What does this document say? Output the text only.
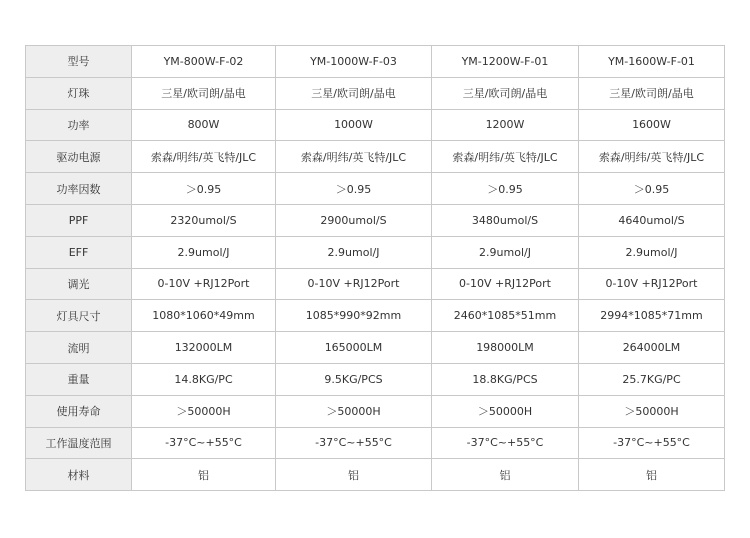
型号	YM-800W-F-02	YM-1000W-F-03	YM-1200W-F-01	YM-1600W-F-01
灯珠	三星/欧司朗/晶电	三星/欧司朗/晶电	三星/欧司朗/晶电	三星/欧司朗/晶电
功率	800W	1000W	1200W	1600W
驱动电源	索森/明纬/英飞特/JLC	索森/明纬/英飞特/JLC	索森/明纬/英飞特/JLC	索森/明纬/英飞特/JLC
功率因数	＞0.95	＞0.95	＞0.95	＞0.95
PPF	2320umol/S	2900umol/S	3480umol/S	4640umol/S
EFF	2.9umol/J	2.9umol/J	2.9umol/J	2.9umol/J
调光	0-10V +RJ12Port	0-10V +RJ12Port	0-10V +RJ12Port	0-10V +RJ12Port
灯具尺寸	1080*1060*49mm	1085*990*92mm	2460*1085*51mm	2994*1085*71mm
流明	132000LM	165000LM	198000LM	264000LM
重量	14.8KG/PC	9.5KG/PCS	18.8KG/PCS	25.7KG/PC
使用寿命	＞50000H	＞50000H	＞50000H	＞50000H
工作温度范围	-37°C~+55°C	-37°C~+55°C	-37°C~+55°C	-37°C~+55°C
材料	铝	铝	铝	铝
